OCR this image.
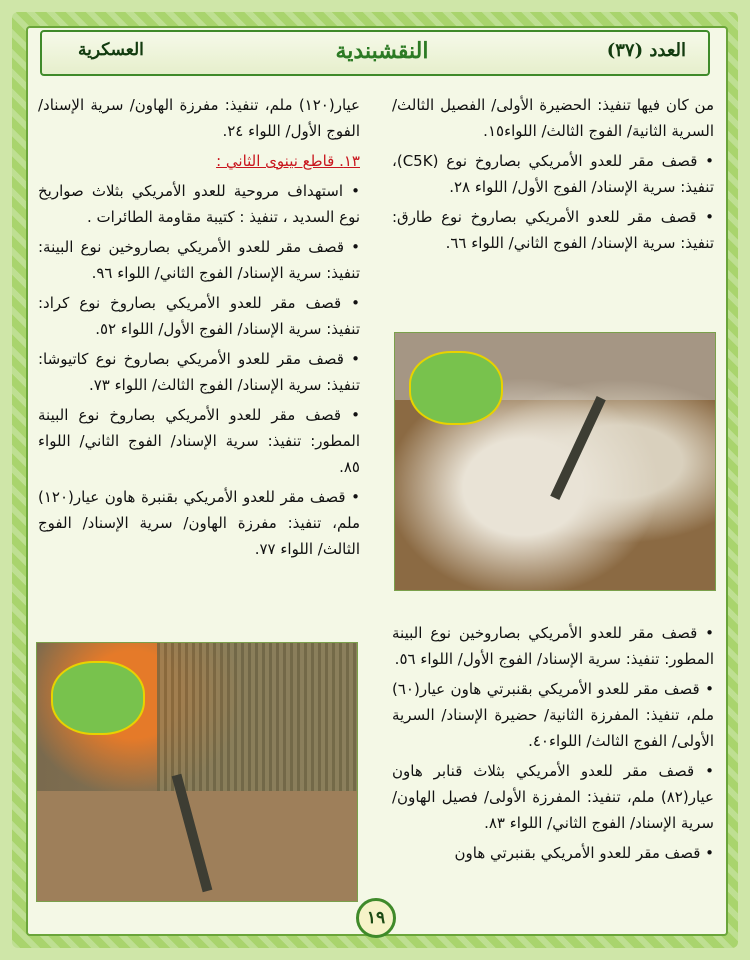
العسكرية	النقشبندية	العدد (٣٧)

من كان فيها تنفيذ: الحضيرة الأولى/ الفصيل الثالث/ السرية الثانية/ الفوج الثالث/ اللواء١٥.

• قصف مقر للعدو الأمريكي بصاروخ نوع (C5K)، تنفيذ: سرية الإسناد/ الفوج الأول/ اللواء ٢٨.

• قصف مقر للعدو الأمريكي بصاروخ نوع طارق: تنفيذ: سرية الإسناد/ الفوج الثاني/ اللواء ٦٦.

• قصف مقر للعدو الأمريكي بصاروخين نوع البينة المطور: تنفيذ: سرية الإسناد/ الفوج الأول/ اللواء ٥٦.

• قصف مقر للعدو الأمريكي بقنبرتي هاون عيار(٦٠) ملم، تنفيذ: المفرزة الثانية/ حضيرة الإسناد/ السرية الأولى/ الفوج الثالث/ اللواء٤٠.

• قصف مقر للعدو الأمريكي بثلاث قنابر هاون عيار(٨٢) ملم، تنفيذ: المفرزة الأولى/ فصيل الهاون/ سرية الإسناد/ الفوج الثاني/ اللواء ٨٣.

• قصف مقر للعدو الأمريكي بقنبرتي هاون

عيار(١٢٠) ملم، تنفيذ: مفرزة الهاون/ سرية الإسناد/ الفوج الأول/ اللواء ٢٤.

١٣. قاطع نينوى الثاني :

• استهداف مروحية للعدو الأمريكي بثلاث صواريخ نوع السديد ، تنفيذ : كتيبة مقاومة الطائرات .

• قصف مقر للعدو الأمريكي بصاروخين نوع البينة: تنفيذ: سرية الإسناد/ الفوج الثاني/ اللواء ٩٦.

• قصف مقر للعدو الأمريكي بصاروخ نوع كراد: تنفيذ: سرية الإسناد/ الفوج الأول/ اللواء ٥٢.

• قصف مقر للعدو الأمريكي بصاروخ نوع كاتيوشا: تنفيذ: سرية الإسناد/ الفوج الثالث/ اللواء ٧٣.

• قصف مقر للعدو الأمريكي بصاروخ نوع البينة المطور: تنفيذ: سرية الإسناد/ الفوج الثاني/ اللواء ٨٥.

• قصف مقر للعدو الأمريكي بقنبرة هاون عيار(١٢٠) ملم، تنفيذ: مفرزة الهاون/ سرية الإسناد/ الفوج الثالث/ اللواء ٧٧.

١٩
